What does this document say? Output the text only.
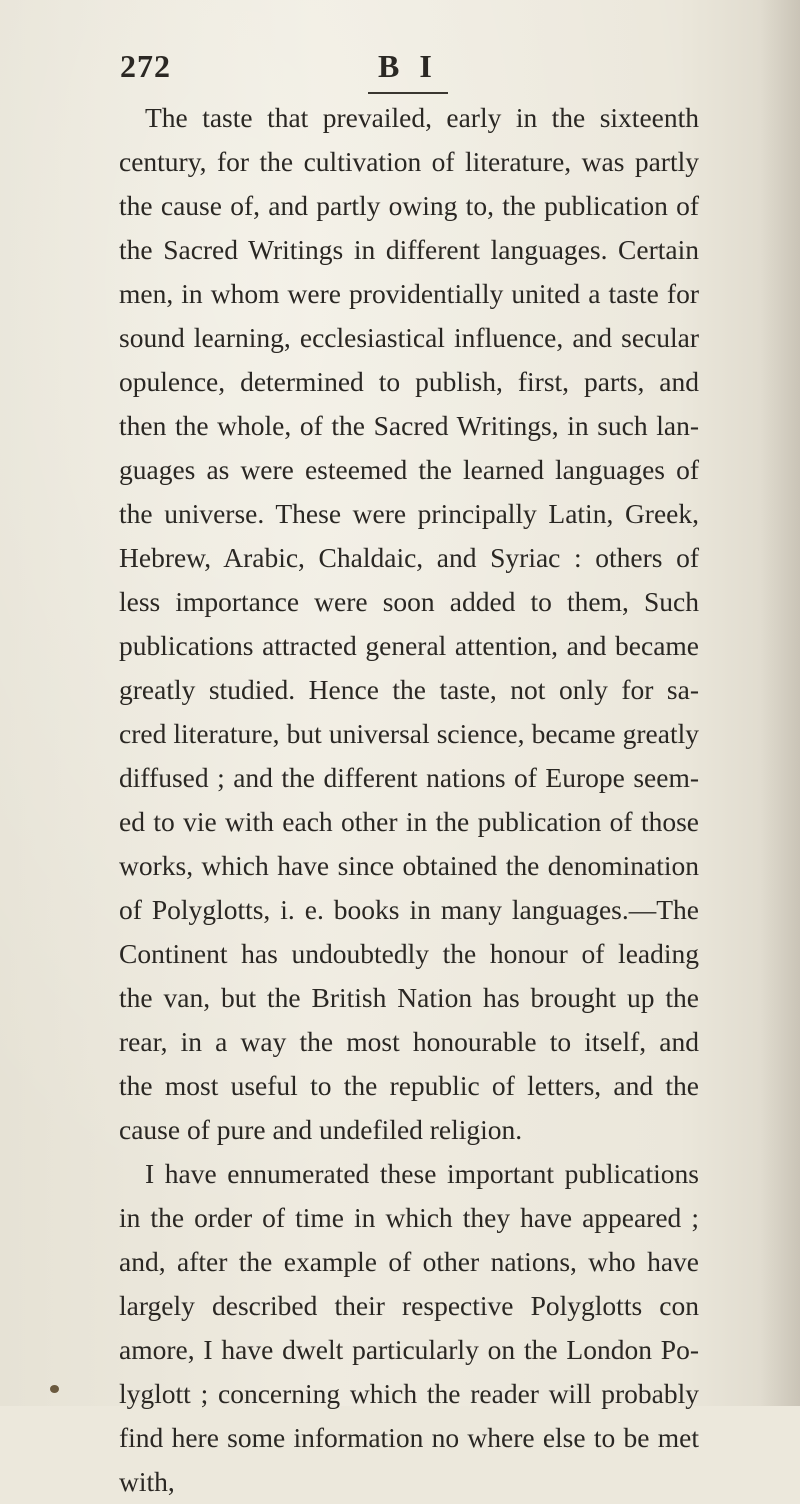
272	B I
The taste that prevailed, early in the sixteenth
century, for the cultivation of literature, was partly
the cause of, and partly owing to, the publication of
the Sacred Writings in different languages. Certain
men, in whom were providentially united a taste for
sound learning, ecclesiastical influence, and secular
opulence, determined to publish, first, parts, and
then the whole, of the Sacred Writings, in such lan-
guages as were esteemed the learned languages of
the universe. These were principally Latin, Greek,
Hebrew, Arabic, Chaldaic, and Syriac : others of
less importance were soon added to them, Such
publications attracted general attention, and became
greatly studied. Hence the taste, not only for sa-
cred literature, but universal science, became greatly
diffused ; and the different nations of Europe seem-
ed to vie with each other in the publication of those
works, which have since obtained the denomination
of Polyglotts, i. e. books in many languages.—The
Continent has undoubtedly the honour of leading
the van, but the British Nation has brought up the
rear, in a way the most honourable to itself, and
the most useful to the republic of letters, and the
cause of pure and undefiled religion.
I have ennumerated these important publications
in the order of time in which they have appeared ;
and, after the example of other nations, who have
largely described their respective Polyglotts con
amore, I have dwelt particularly on the London Po-
lyglott ; concerning which the reader will probably
find here some information no where else to be met
with,
